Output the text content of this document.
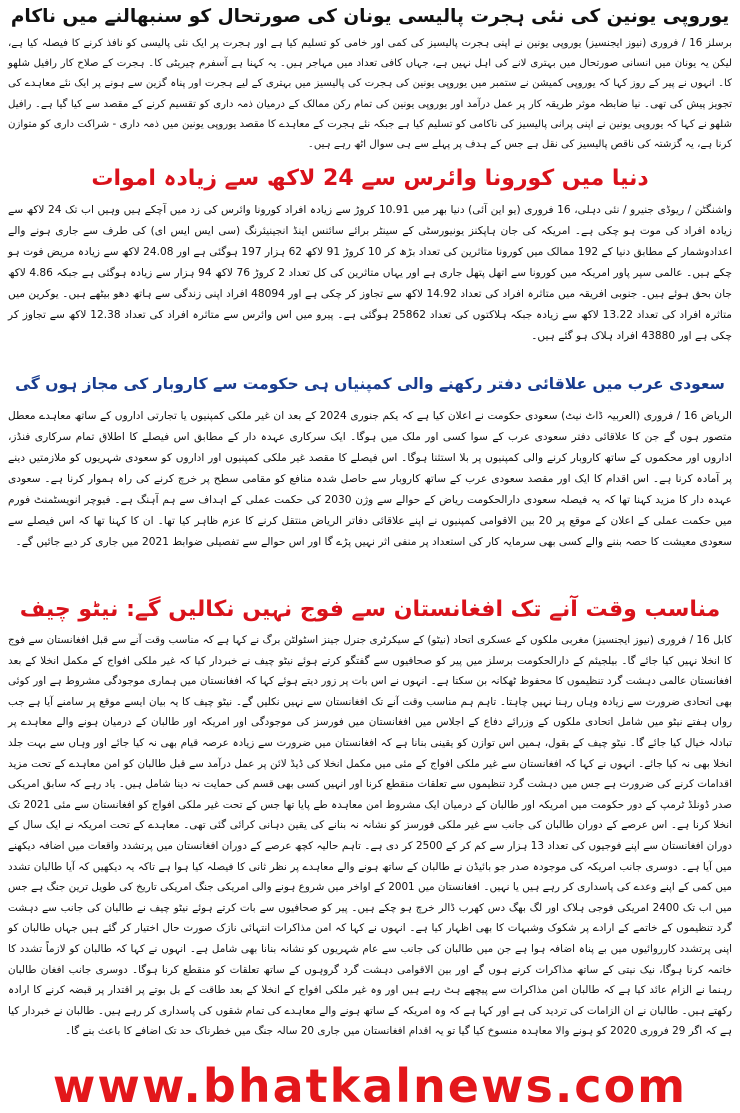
یوروپی یونین کی نئی ہجرت پالیسی یونان کی صورتحال کو سنبھالنے میں ناکام

برسلز 16 / فروری (نیوز ایجنسیز) یوروپی یونین نے اپنی ہجرت پالیسیز کی کمی اور خامی کو تسلیم کیا ہے اور ہجرت پر ایک نئی پالیسی کو نافذ کرنے کا فیصلہ کیا ہے، لیکن یہ یونان میں انسانی صورتحال میں بہتری لانے کی اہل نہیں ہے، جہاں کافی تعداد میں مہاجر ہیں۔ یہ کہنا ہے آسفرم چیریٹی کا۔ ہجرت کے صلاح کار رافیل شلھو کا۔ انہوں نے پیر کے روز کہا کہ یوروپی کمیشن نے ستمبر میں یوروپی یونین کی ہجرت کی پالیسیز میں بہتری کے لیے ہجرت اور پناہ گزین سے ہونے پر ایک نئے معاہدے کی تجویز پیش کی تھی۔ نیا ضابطہ موثر طریقہ کار پر عمل درآمد اور یوروپی یونین کی تمام رکن ممالک کے درمیان ذمہ داری کو تقسیم کرنے کے مقصد سے کیا گیا ہے۔ رافیل شلھو نے کہا کہ یوروپی یونین نے اپنی پرانی پالیسیز کی ناکامی کو تسلیم کیا ہے جبکہ نئے ہجرت کے معاہدے کا مقصد یوروپی یونین میں ذمہ داری - شراکت داری کو متوازن کرنا ہے، یہ گزشتہ کی ناقص پالیسیز کی نقل ہے جس کے ہدف پر پہلے سے ہی سوال اٹھ رہے ہیں۔

دنیا میں کورونا وائرس سے 24 لاکھ سے زیادہ اموات

واشنگٹن / ریوڈی جنیرو / نئی دہلی، 16 فروری (یو این آئی) دنیا بھر میں 10.91 کروڑ سے زیادہ افراد کورونا وائرس کی زد میں آچکے ہیں وہیں اب تک 24 لاکھ سے زیادہ افراد کی موت ہو چکی ہے۔ امریکہ کی جان ہاپکنز یونیورسٹی کے سینٹر برائے سائنس اینڈ انجینیئرنگ (سی ایس ایس ای) کی طرف سے جاری ہونے والے اعدادوشمار کے مطابق دنیا کے 192 ممالک میں کورونا متاثرین کی تعداد بڑھ کر 10 کروڑ 91 لاکھ 62 ہزار 197 ہوگئی ہے اور 24.08 لاکھ سے زیادہ مریض فوت ہو چکے ہیں۔ عالمی سپر پاور امریکہ میں کورونا سے اتھل پتھل جاری ہے اور یہاں متاثرین کی کل تعداد 2 کروڑ 76 لاکھ 94 ہزار سے زیادہ ہوگئی ہے جبکہ 4.86 لاکھ جان بحق ہوئے ہیں۔ جنوبی افریقہ میں متاثرہ افراد کی تعداد 14.92 لاکھ سے تجاوز کر چکی ہے اور 48094 افراد اپنی زندگی سے ہاتھ دھو بیٹھے ہیں۔ یوکرین میں متاثرہ افراد کی تعداد 13.22 لاکھ سے زیادہ جبکہ ہلاکتوں کی تعداد 25862 ہوگئی ہے۔ پیرو میں اس وائرس سے متاثرہ افراد کی تعداد 12.38 لاکھ سے تجاوز کر چکی ہے اور 43880 افراد ہلاک ہو گئے ہیں۔

سعودی عرب میں علاقائی دفتر رکھنے والی کمپنیاں ہی حکومت سے کاروبار کی مجاز ہوں گی

الریاض 16 / فروری (العربیہ ڈاٹ نیٹ) سعودی حکومت نے اعلان کیا ہے کہ یکم جنوری 2024 کے بعد ان غیر ملکی کمپنیوں یا تجارتی اداروں کے ساتھ معاہدے معطل متصور ہوں گے جن کا علاقائی دفتر سعودی عرب کے سوا کسی اور ملک میں ہوگا۔ ایک سرکاری عہدہ دار کے مطابق اس فیصلے کا اطلاق تمام سرکاری فنڈز، اداروں اور محکموں کے ساتھ کاروبار کرنے والی کمپنیوں پر بلا استثنا ہوگا۔ اس فیصلے کا مقصد غیر ملکی کمپنیوں اور اداروں کو سعودی شہریوں کو ملازمتیں دینے پر آمادہ کرنا ہے۔ اس اقدام کا ایک اور مقصد سعودی عرب کے ساتھ کاروبار سے حاصل شدہ منافع کو مقامی سطح پر خرچ کرنے کی راہ ہموار کرنا ہے۔ سعودی عہدہ دار کا مزید کہنا تھا کہ یہ فیصلہ سعودی دارالحکومت ریاض کے حوالے سے وژن 2030 کی حکمت عملی کے اہداف سے ہم آہنگ ہے۔ فیوچر انویسٹمنٹ فورم میں حکمت عملی کے اعلان کے موقع پر 20 بین الاقوامی کمپنیوں نے اپنے علاقائی دفاتر الریاض منتقل کرنے کا عزم ظاہر کیا تھا۔ ان کا کہنا تھا کہ اس فیصلے سے سعودی معیشت کا حصہ بننے والے کسی بھی سرمایہ کار کی استعداد پر منفی اثر نہیں پڑے گا اور اس حوالے سے تفصیلی ضوابط 2021 میں جاری کر دیے جائیں گے۔

مناسب وقت آنے تک افغانستان سے فوج نہیں نکالیں گے: نیٹو چیف

کابل 16 / فروری (نیوز ایجنسیز) مغربی ملکوں کے عسکری اتحاد (نیٹو) کے سیکرٹری جنرل جینز اسٹولٹن برگ نے کہا ہے کہ مناسب وقت آنے سے قبل افغانستان سے فوج کا انخلا نہیں کیا جائے گا۔ بیلجیئم کے دارالحکومت برسلز میں پیر کو صحافیوں سے گفتگو کرتے ہوئے نیٹو چیف نے خبردار کیا کہ غیر ملکی افواج کے مکمل انخلا کے بعد افغانستان عالمی دہشت گرد تنظیموں کا محفوظ ٹھکانہ بن سکتا ہے۔ انہوں نے اس بات پر زور دیتے ہوئے کہا کہ افغانستان میں ہماری موجودگی مشروط ہے اور کوئی بھی اتحادی ضرورت سے زیادہ وہاں رہنا نہیں چاہتا۔ تاہم ہم مناسب وقت آنے تک افغانستان سے نہیں نکلیں گے۔ نیٹو چیف کا یہ بیان ایسے موقع پر سامنے آیا ہے جب رواں ہفتے نیٹو میں شامل اتحادی ملکوں کے وزرائے دفاع کے اجلاس میں افغانستان میں فورسز کی موجودگی اور امریکہ اور طالبان کے درمیان ہونے والے معاہدے پر تبادلہ خیال کیا جائے گا۔ نیٹو چیف کے بقول، ہمیں اس توازن کو یقینی بنانا ہے کہ افغانستان میں ضرورت سے زیادہ عرصہ قیام بھی نہ کیا جائے اور وہاں سے بہت جلد انخلا بھی نہ کیا جائے۔ انہوں نے کہا کہ افغانستان سے غیر ملکی افواج کے مئی میں مکمل انخلا کی ڈیڈ لائن پر عمل درآمد سے قبل طالبان کو امن معاہدے کے تحت مزید اقدامات کرنے کی ضرورت ہے جس میں دہشت گرد تنظیموں سے تعلقات منقطع کرنا اور انہیں کسی بھی قسم کی حمایت نہ دینا شامل ہیں۔ یاد رہے کہ سابق امریکی صدر ڈونلڈ ٹرمپ کے دور حکومت میں امریکہ اور طالبان کے درمیان ایک مشروط امن معاہدہ طے پایا تھا جس کے تحت غیر ملکی افواج کو افغانستان سے مئی 2021 تک انخلا کرنا ہے۔ اس عرصے کے دوران طالبان کی جانب سے غیر ملکی فورسز کو نشانہ نہ بنانے کی یقین دہانی کرائی گئی تھی۔ معاہدے کے تحت امریکہ نے ایک سال کے دوران افغانستان سے اپنے فوجیوں کی تعداد 13 ہزار سے کم کر کے 2500 کر دی ہے۔ تاہم حالیہ کچھ عرصے کے دوران افغانستان میں پرتشدد واقعات میں اضافہ دیکھنے میں آیا ہے۔ دوسری جانب امریکہ کی موجودہ صدر جو بائیڈن نے طالبان کے ساتھ ہونے والے معاہدے پر نظر ثانی کا فیصلہ کیا ہوا ہے تاکہ یہ دیکھیں کہ آیا طالبان تشدد میں کمی کے اپنے وعدے کی پاسداری کر رہے ہیں یا نہیں۔ افغانستان میں 2001 کے اواخر میں شروع ہونے والی امریکی جنگ امریکی تاریخ کی طویل ترین جنگ ہے جس میں اب تک 2400 امریکی فوجی ہلاک اور لگ بھگ دس کھرب ڈالر خرچ ہو چکے ہیں۔ پیر کو صحافیوں سے بات کرتے ہوئے نیٹو چیف نے طالبان کی جانب سے دہشت گرد تنظیموں کے خاتمے کے ارادے پر شکوک وشبہات کا بھی اظہار کیا ہے۔ انہوں نے کہا کہ امن مذاکرات انتہائی نازک صورت حال اختیار کر گئے ہیں جہاں طالبان کو اپنی پرتشدد کارروائیوں میں بے پناہ اضافہ ہوا ہے جن میں طالبان کی جانب سے عام شہریوں کو نشانہ بنانا بھی شامل ہے۔ انہوں نے کہا کہ طالبان کو لازماً تشدد کا خاتمہ کرنا ہوگا، نیک نیتی کے ساتھ مذاکرات کرنے ہوں گے اور بین الاقوامی دہشت گرد گروہوں کے ساتھ تعلقات کو منقطع کرنا ہوگا۔ دوسری جانب افغان طالبان رہنما نے الزام عائد کیا ہے کہ طالبان امن مذاکرات سے پیچھے ہٹ رہے ہیں اور وہ غیر ملکی افواج کے انخلا کے بعد طاقت کے بل بوتے پر اقتدار پر قبضہ کرنے کا ارادہ رکھتے ہیں۔ طالبان نے ان الزامات کی تردید کی ہے اور کہا ہے کہ وہ امریکہ کے ساتھ ہونے والے معاہدے کی تمام شقوں کی پاسداری کر رہے ہیں۔ طالبان نے خبردار کیا ہے کہ اگر 29 فروری 2020 کو ہونے والا معاہدہ منسوخ کیا گیا تو یہ اقدام افغانستان میں جاری 20 سالہ جنگ میں خطرناک حد تک اضافے کا باعث بنے گا۔

www.bhatkalnews.com
